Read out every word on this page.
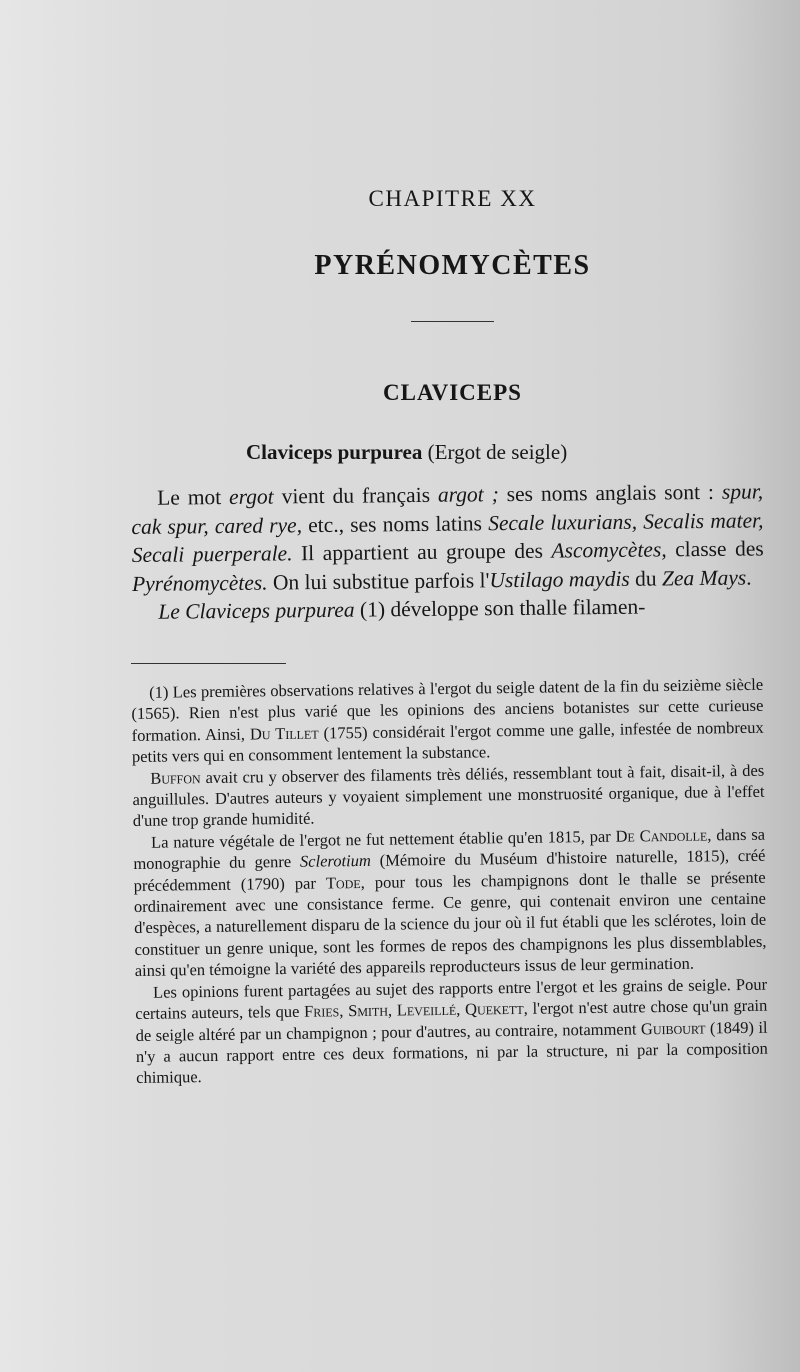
CHAPITRE XX
PYRÉNOMYCÈTES
CLAVICEPS
Claviceps purpurea (Ergot de seigle)

Le mot ergot vient du français argot ; ses noms anglais sont : spur, cak spur, cared rye, etc., ses noms latins Secale luxurians, Secalis mater, Secali puerperale. Il appartient au groupe des Ascomycètes, classe des Pyrénomycètes. On lui substitue parfois l'Ustilago maydis du Zea Mays.

Le Claviceps purpurea (1) développe son thalle filamen-

(1) Les premières observations relatives à l'ergot du seigle datent de la fin du seizième siècle (1565). Rien n'est plus varié que les opinions des anciens botanistes sur cette curieuse formation. Ainsi, Du Tillet (1755) considérait l'ergot comme une galle, infestée de nombreux petits vers qui en consomment lentement la substance.

Buffon avait cru y observer des filaments très déliés, ressemblant tout à fait, disait-il, à des anguillules. D'autres auteurs y voyaient simplement une monstruosité organique, due à l'effet d'une trop grande humidité.

La nature végétale de l'ergot ne fut nettement établie qu'en 1815, par De Candolle, dans sa monographie du genre Sclerotium (Mémoire du Muséum d'histoire naturelle, 1815), créé précédemment (1790) par Tode, pour tous les champignons dont le thalle se présente ordinairement avec une consistance ferme. Ce genre, qui contenait environ une centaine d'espèces, a naturellement disparu de la science du jour où il fut établi que les sclérotes, loin de constituer un genre unique, sont les formes de repos des champignons les plus dissemblables, ainsi qu'en témoigne la variété des appareils reproducteurs issus de leur germination.

Les opinions furent partagées au sujet des rapports entre l'ergot et les grains de seigle. Pour certains auteurs, tels que Fries, Smith, Leveillé, Quekett, l'ergot n'est autre chose qu'un grain de seigle altéré par un champignon ; pour d'autres, au contraire, notamment Guibourt (1849) il n'y a aucun rapport entre ces deux formations, ni par la structure, ni par la composition chimique.
